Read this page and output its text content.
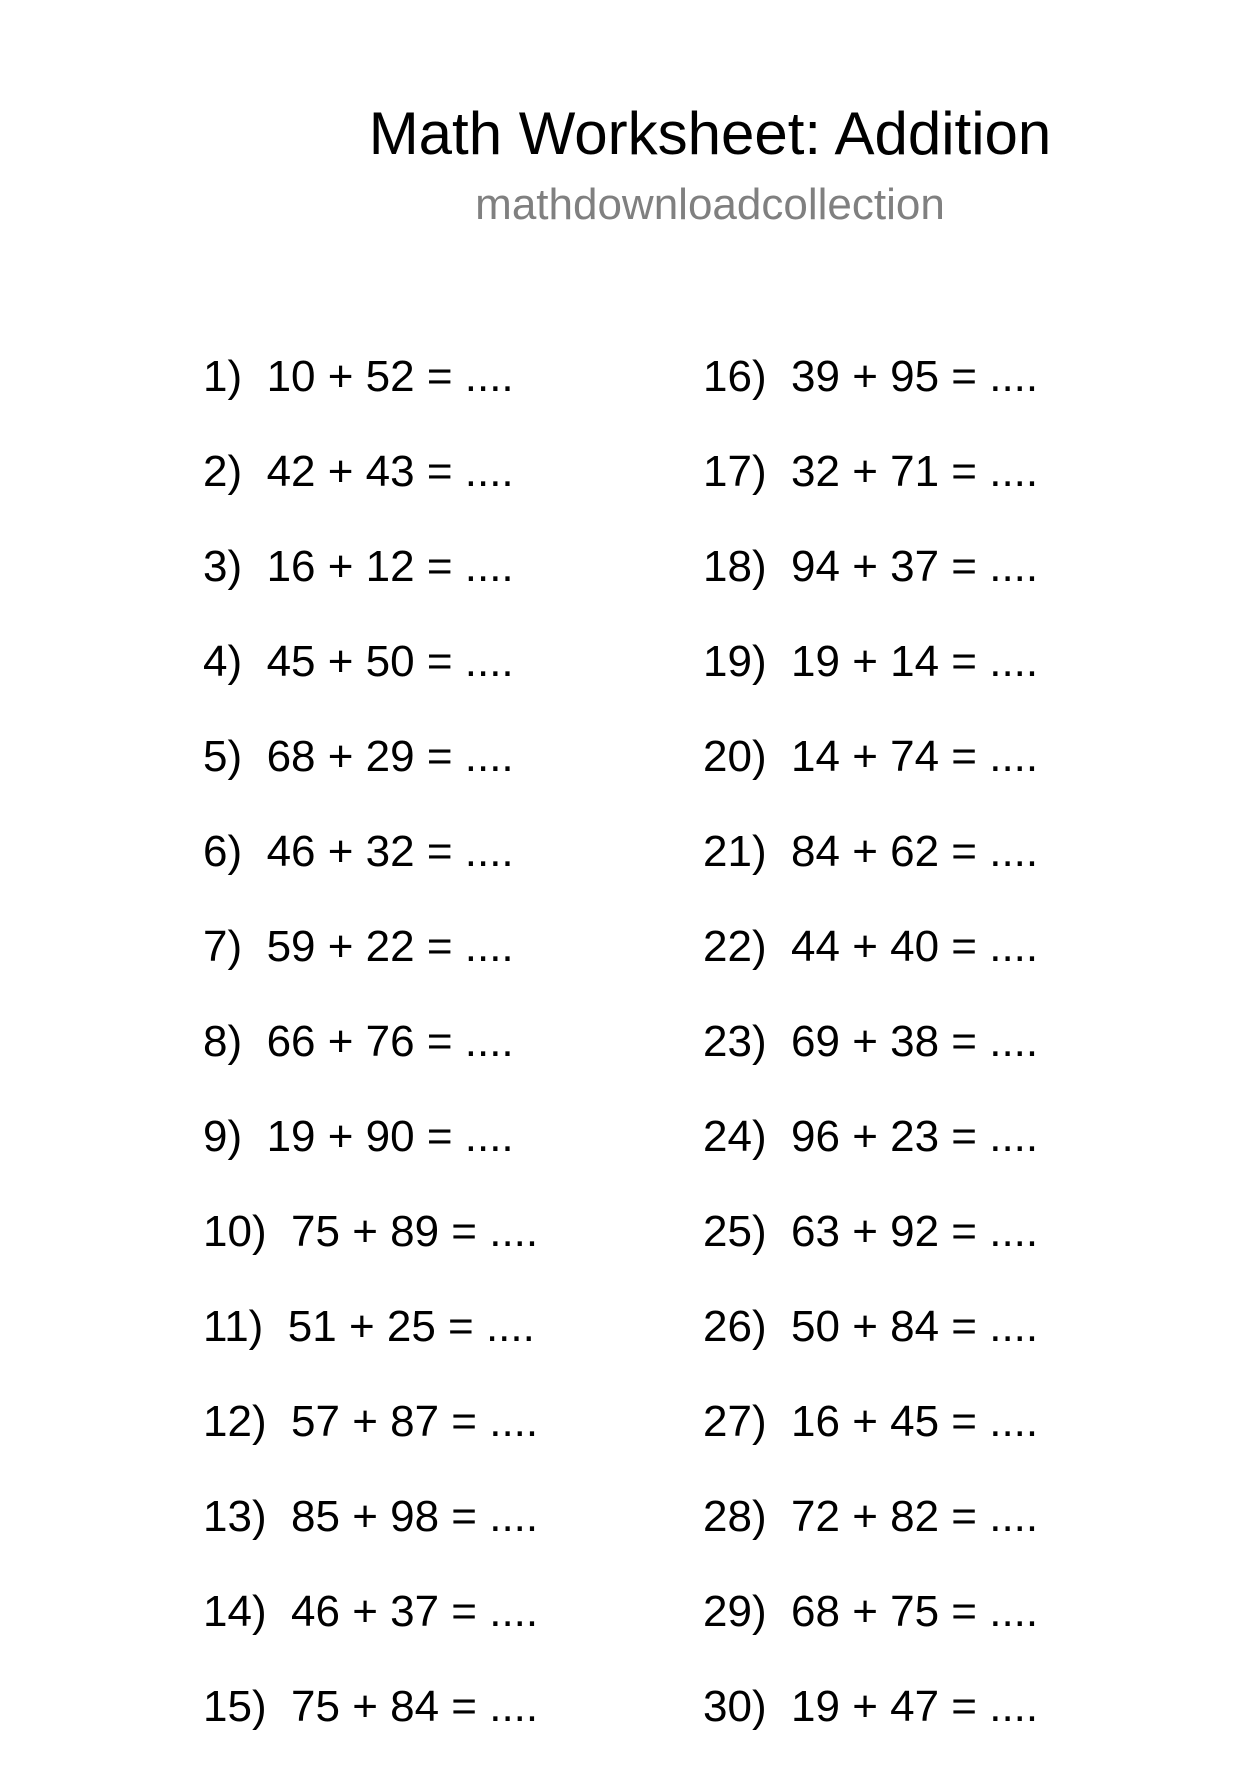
Math Worksheet: Addition
mathdownloadcollection
1)  10 + 52 = ....
2)  42 + 43 = ....
3)  16 + 12 = ....
4)  45 + 50 = ....
5)  68 + 29 = ....
6)  46 + 32 = ....
7)  59 + 22 = ....
8)  66 + 76 = ....
9)  19 + 90 = ....
10)  75 + 89 = ....
11)  51 + 25 = ....
12)  57 + 87 = ....
13)  85 + 98 = ....
14)  46 + 37 = ....
15)  75 + 84 = ....
16)  39 + 95 = ....
17)  32 + 71 = ....
18)  94 + 37 = ....
19)  19 + 14 = ....
20)  14 + 74 = ....
21)  84 + 62 = ....
22)  44 + 40 = ....
23)  69 + 38 = ....
24)  96 + 23 = ....
25)  63 + 92 = ....
26)  50 + 84 = ....
27)  16 + 45 = ....
28)  72 + 82 = ....
29)  68 + 75 = ....
30)  19 + 47 = ....
